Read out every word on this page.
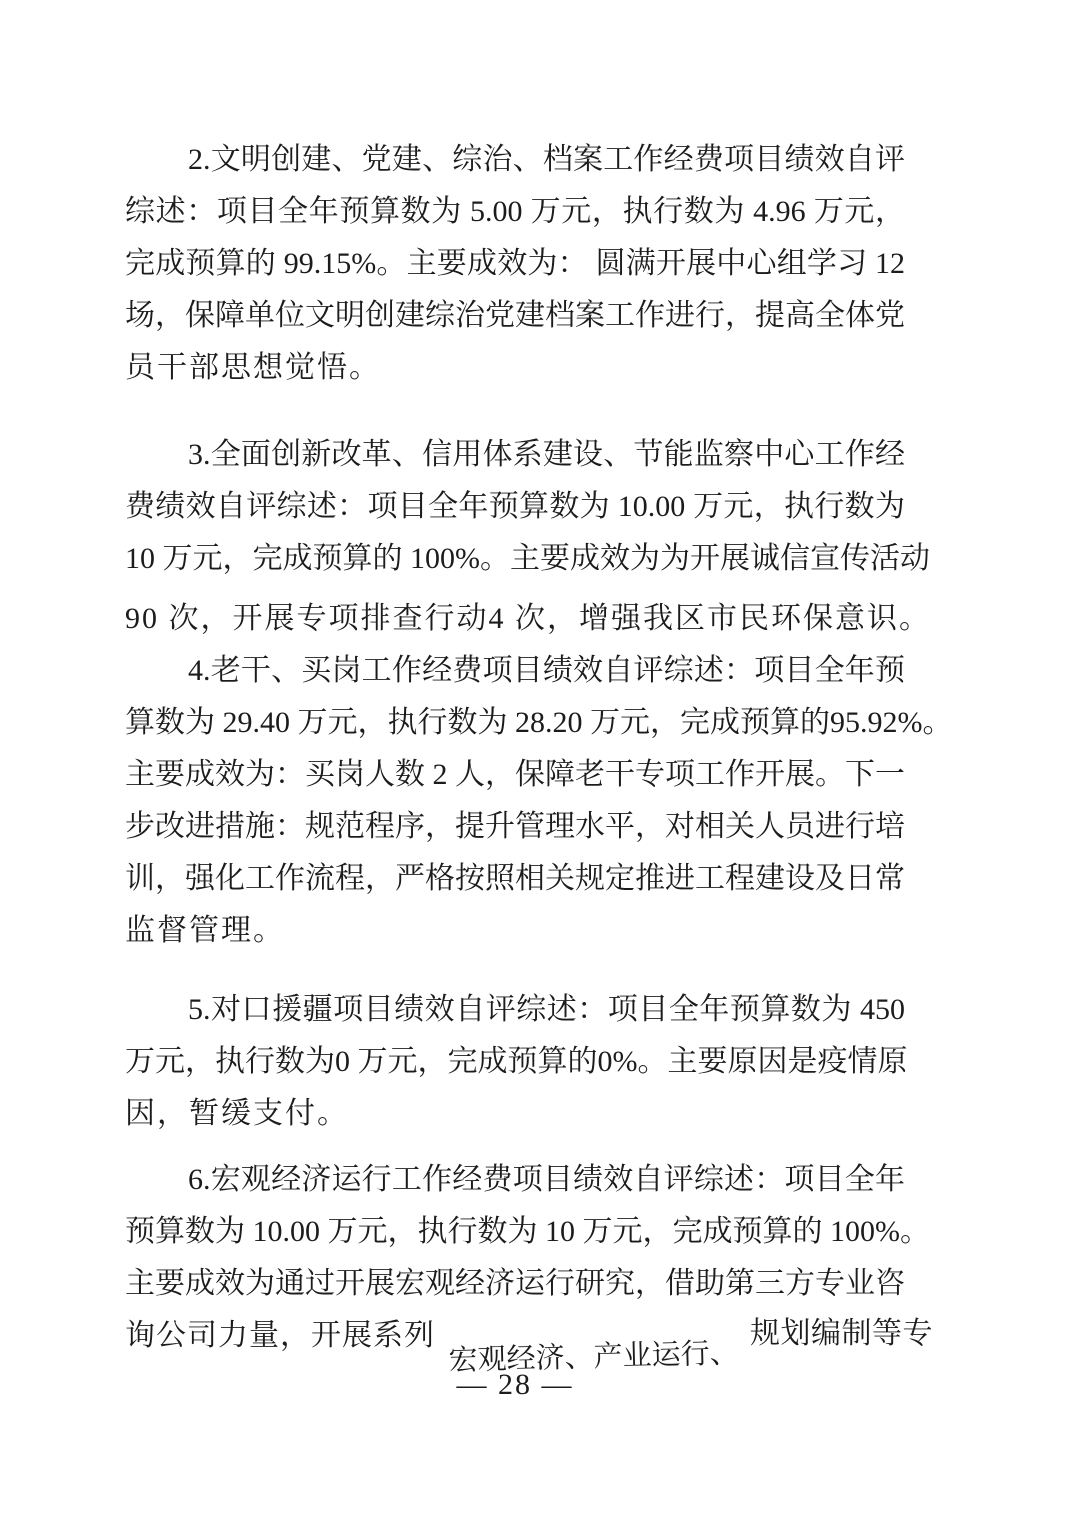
2.文明创建、党建、综治、档案工作经费项目绩效自评
综述：项目全年预算数为 5.00 万元，执行数为 4.96 万元，
完成预算的 99.15%。主要成效为： 圆满开展中心组学习 12
场，保障单位文明创建综治党建档案工作进行，提高全体党
员干部思想觉悟。
3.全面创新改革、信用体系建设、节能监察中心工作经
费绩效自评综述：项目全年预算数为 10.00 万元，执行数为
10 万元，完成预算的 100%。主要成效为为开展诚信宣传活动
90 次，开展专项排查行动4 次，增强我区市民环保意识。
4.老干、买岗工作经费项目绩效自评综述：项目全年预
算数为 29.40 万元，执行数为 28.20 万元，完成预算的95.92%。
主要成效为：买岗人数 2 人，保障老干专项工作开展。下一
步改进措施：规范程序，提升管理水平，对相关人员进行培
训，强化工作流程，严格按照相关规定推进工程建设及日常
监督管理。
5.对口援疆项目绩效自评综述：项目全年预算数为 450
万元，执行数为0 万元，完成预算的0%。主要原因是疫情原
因，暂缓支付。
6.宏观经济运行工作经费项目绩效自评综述：项目全年
预算数为 10.00 万元，执行数为 10 万元，完成预算的 100%。
主要成效为通过开展宏观经济运行研究，借助第三方专业咨
询公司力量，开展系列宏观经济、产业运行、规划编制等专
— 28 —
